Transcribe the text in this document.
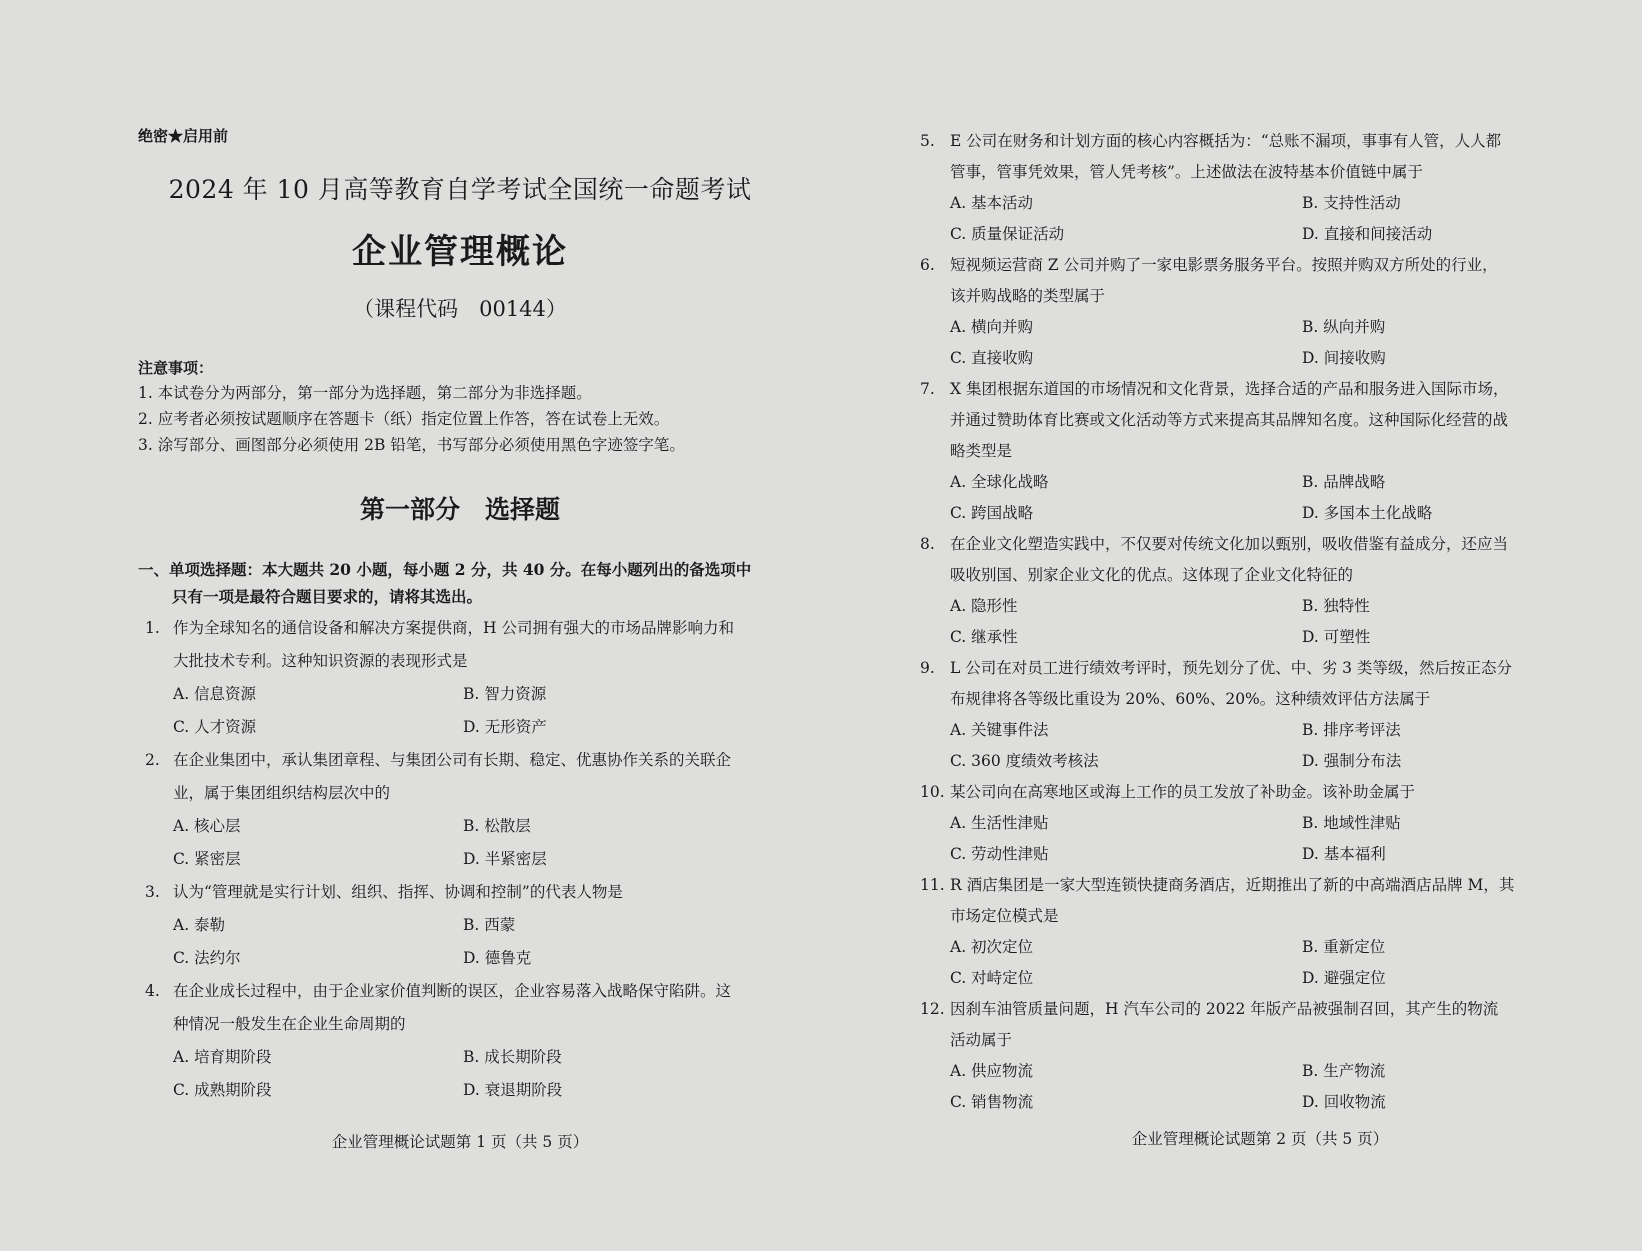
绝密★启用前
2024 年 10 月高等教育自学考试全国统一命题考试
企业管理概论
（课程代码　00144）
注意事项：
1. 本试卷分为两部分，第一部分为选择题，第二部分为非选择题。
2. 应考者必须按试题顺序在答题卡（纸）指定位置上作答，答在试卷上无效。
3. 涂写部分、画图部分必须使用 2B 铅笔，书写部分必须使用黑色字迹签字笔。
第一部分　选择题
一、单项选择题：本大题共 20 小题，每小题 2 分，共 40 分。在每小题列出的备选项中
只有一项是最符合题目要求的，请将其选出。
1. 作为全球知名的通信设备和解决方案提供商，H 公司拥有强大的市场品牌影响力和
大批技术专利。这种知识资源的表现形式是
A. 信息资源	B. 智力资源
C. 人才资源	D. 无形资产
2. 在企业集团中，承认集团章程、与集团公司有长期、稳定、优惠协作关系的关联企
业，属于集团组织结构层次中的
A. 核心层	B. 松散层
C. 紧密层	D. 半紧密层
3. 认为“管理就是实行计划、组织、指挥、协调和控制”的代表人物是
A. 泰勒	B. 西蒙
C. 法约尔	D. 德鲁克
4. 在企业成长过程中，由于企业家价值判断的误区，企业容易落入战略保守陷阱。这
种情况一般发生在企业生命周期的
A. 培育期阶段	B. 成长期阶段
C. 成熟期阶段	D. 衰退期阶段
企业管理概论试题第 1 页（共 5 页）
5. E 公司在财务和计划方面的核心内容概括为：“总账不漏项，事事有人管，人人都
管事，管事凭效果，管人凭考核”。上述做法在波特基本价值链中属于
A. 基本活动	B. 支持性活动
C. 质量保证活动	D. 直接和间接活动
6. 短视频运营商 Z 公司并购了一家电影票务服务平台。按照并购双方所处的行业，
该并购战略的类型属于
A. 横向并购	B. 纵向并购
C. 直接收购	D. 间接收购
7. X 集团根据东道国的市场情况和文化背景，选择合适的产品和服务进入国际市场，
并通过赞助体育比赛或文化活动等方式来提高其品牌知名度。这种国际化经营的战
略类型是
A. 全球化战略	B. 品牌战略
C. 跨国战略	D. 多国本土化战略
8. 在企业文化塑造实践中，不仅要对传统文化加以甄别，吸收借鉴有益成分，还应当
吸收别国、别家企业文化的优点。这体现了企业文化特征的
A. 隐形性	B. 独特性
C. 继承性	D. 可塑性
9. L 公司在对员工进行绩效考评时，预先划分了优、中、劣 3 类等级，然后按正态分
布规律将各等级比重设为 20%、60%、20%。这种绩效评估方法属于
A. 关键事件法	B. 排序考评法
C. 360 度绩效考核法	D. 强制分布法
10. 某公司向在高寒地区或海上工作的员工发放了补助金。该补助金属于
A. 生活性津贴	B. 地域性津贴
C. 劳动性津贴	D. 基本福利
11. R 酒店集团是一家大型连锁快捷商务酒店，近期推出了新的中高端酒店品牌 M，其
市场定位模式是
A. 初次定位	B. 重新定位
C. 对峙定位	D. 避强定位
12. 因刹车油管质量问题，H 汽车公司的 2022 年版产品被强制召回，其产生的物流
活动属于
A. 供应物流	B. 生产物流
C. 销售物流	D. 回收物流
企业管理概论试题第 2 页（共 5 页）
